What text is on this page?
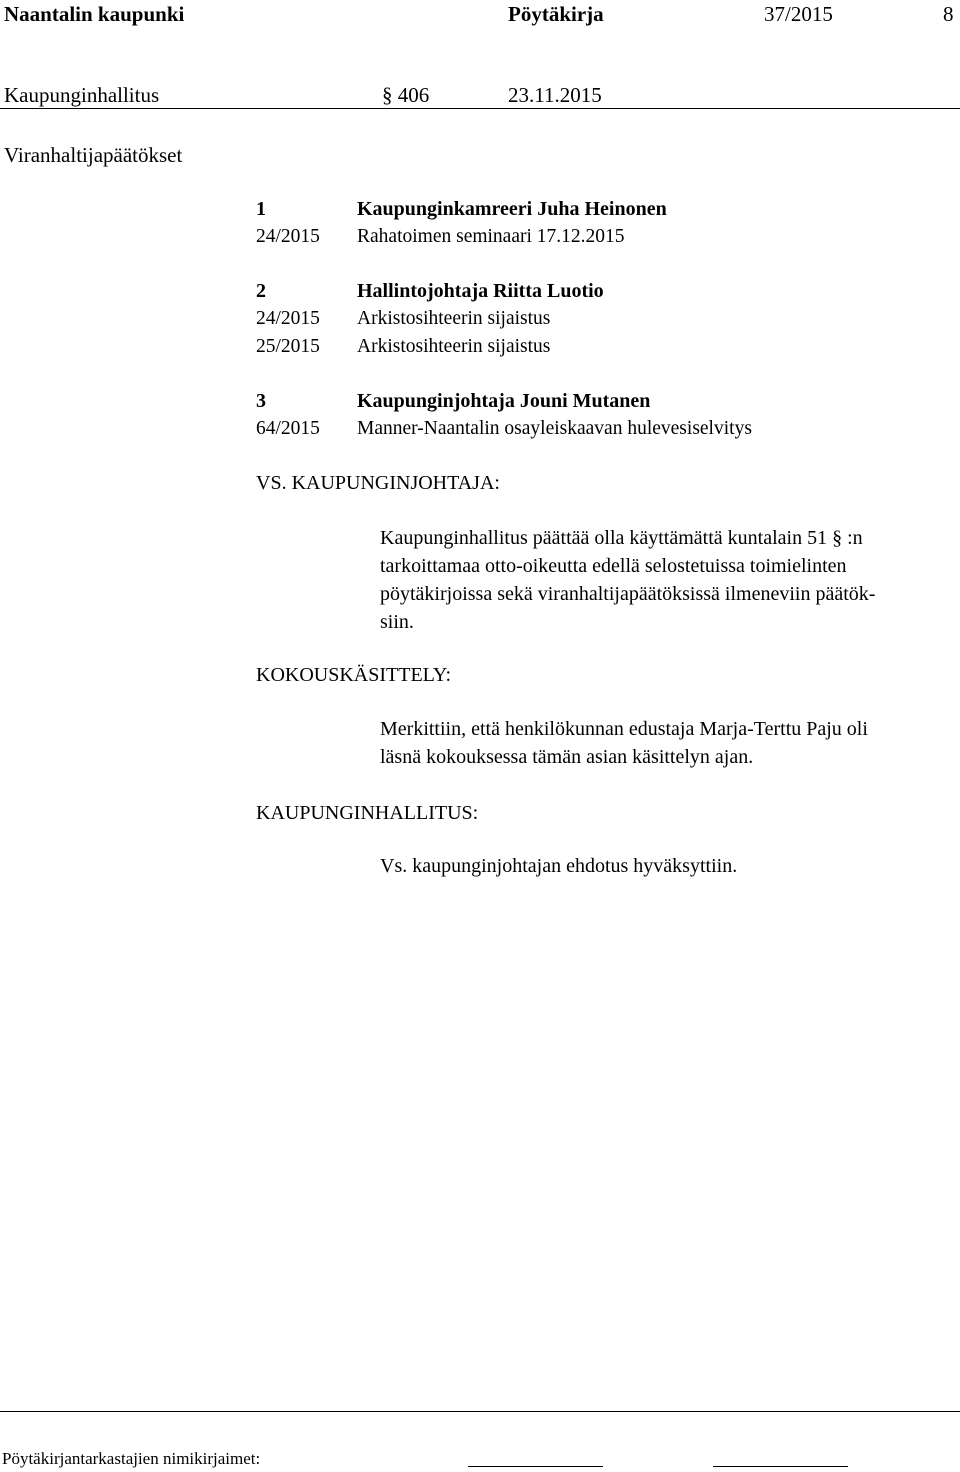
Naantalin kaupunki	Pöytäkirja	37/2015	8
Kaupunginhallitus	§ 406	23.11.2015
Viranhaltijapäätökset
1	Kaupunginkamreeri Juha Heinonen
24/2015 Rahatoimen seminaari 17.12.2015
2	Hallintojohtaja Riitta Luotio
24/2015 Arkistosihteerin sijaistus
25/2015 Arkistosihteerin sijaistus
3	Kaupunginjohtaja Jouni Mutanen
64/2015 Manner-Naantalin osayleiskaavan hulevesiselvitys
VS. KAUPUNGINJOHTAJA:
Kaupunginhallitus päättää olla käyttämättä kuntalain 51 § :n
tarkoittamaa otto-oikeutta edellä selostetuissa toimielinten
pöytäkirjoissa sekä viranhaltijapäätöksissä ilmeneviin päätök-
siin.
KOKOUSKÄSITTELY:
Merkittiin, että henkilökunnan edustaja Marja-Terttu Paju oli
läsnä kokouksessa tämän asian käsittelyn ajan.
KAUPUNGINHALLITUS:
Vs. kaupunginjohtajan ehdotus hyväksyttiin.
Pöytäkirjantarkastajien nimikirjaimet:
